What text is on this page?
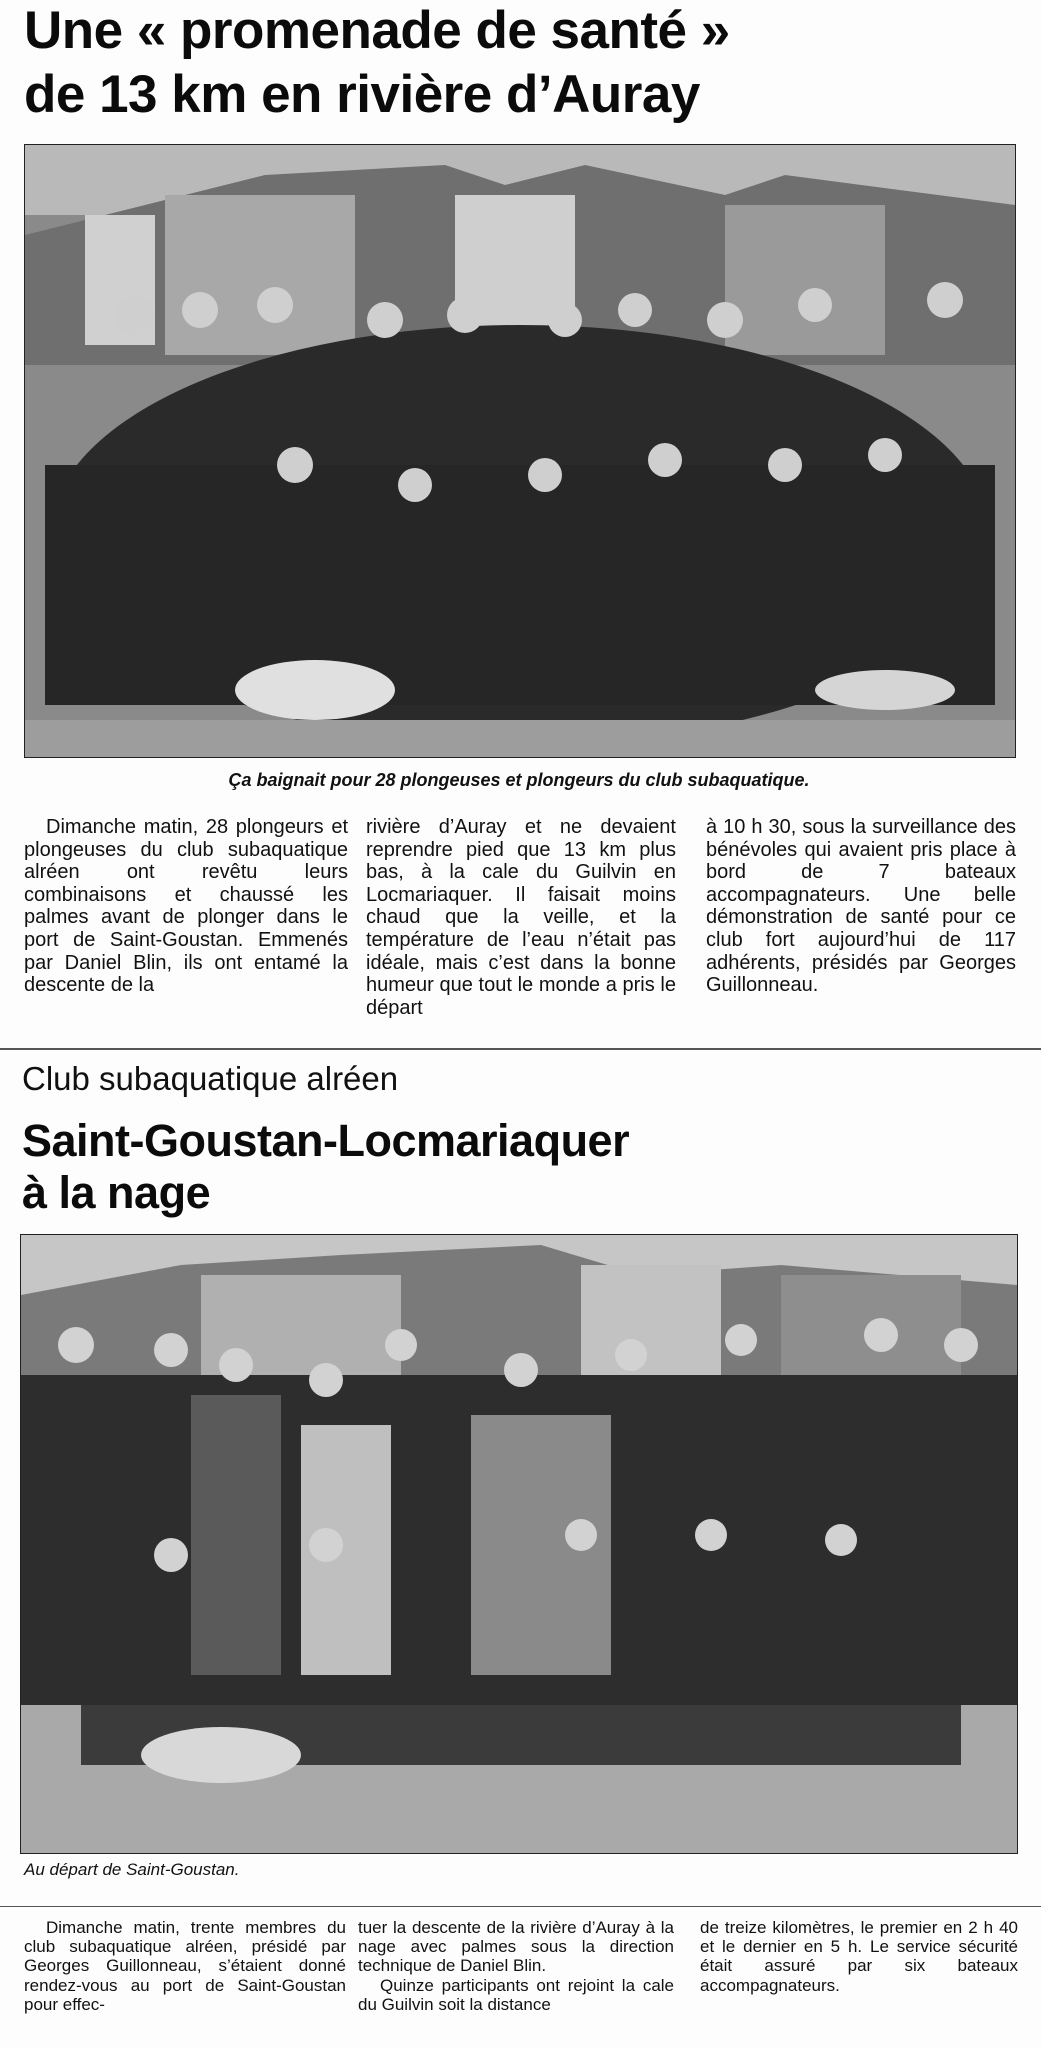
Une « promenade de santé »
de 13 km en rivière d’Auray

Ça baignait pour 28 plongeuses et plongeurs du club subaquatique.

Dimanche matin, 28 plongeurs et plongeuses du club subaquatique alréen ont revêtu leurs combinaisons et chaussé les palmes avant de plonger dans le port de Saint-Goustan. Emmenés par Daniel Blin, ils ont entamé la descente de la

rivière d’Auray et ne devaient reprendre pied que 13 km plus bas, à la cale du Guilvin en Locmariaquer. Il faisait moins chaud que la veille, et la température de l’eau n’était pas idéale, mais c’est dans la bonne humeur que tout le monde a pris le départ

à 10 h 30, sous la surveillance des bénévoles qui avaient pris place à bord de 7 bateaux accompagnateurs. Une belle démonstration de santé pour ce club fort aujourd’hui de 117 adhérents, présidés par Georges Guillonneau.

Club subaquatique alréen

Saint-Goustan-Locmariaquer
à la nage

Au départ de Saint-Goustan.

Dimanche matin, trente membres du club subaquatique alréen, présidé par Georges Guillonneau, s’étaient donné rendez-vous au port de Saint-Goustan pour effec-

tuer la descente de la rivière d’Auray à la nage avec palmes sous la direction technique de Daniel Blin.

Quinze participants ont rejoint la cale du Guilvin soit la distance

de treize kilomètres, le premier en 2 h 40 et le dernier en 5 h. Le service sécurité était assuré par six bateaux accompagnateurs.
